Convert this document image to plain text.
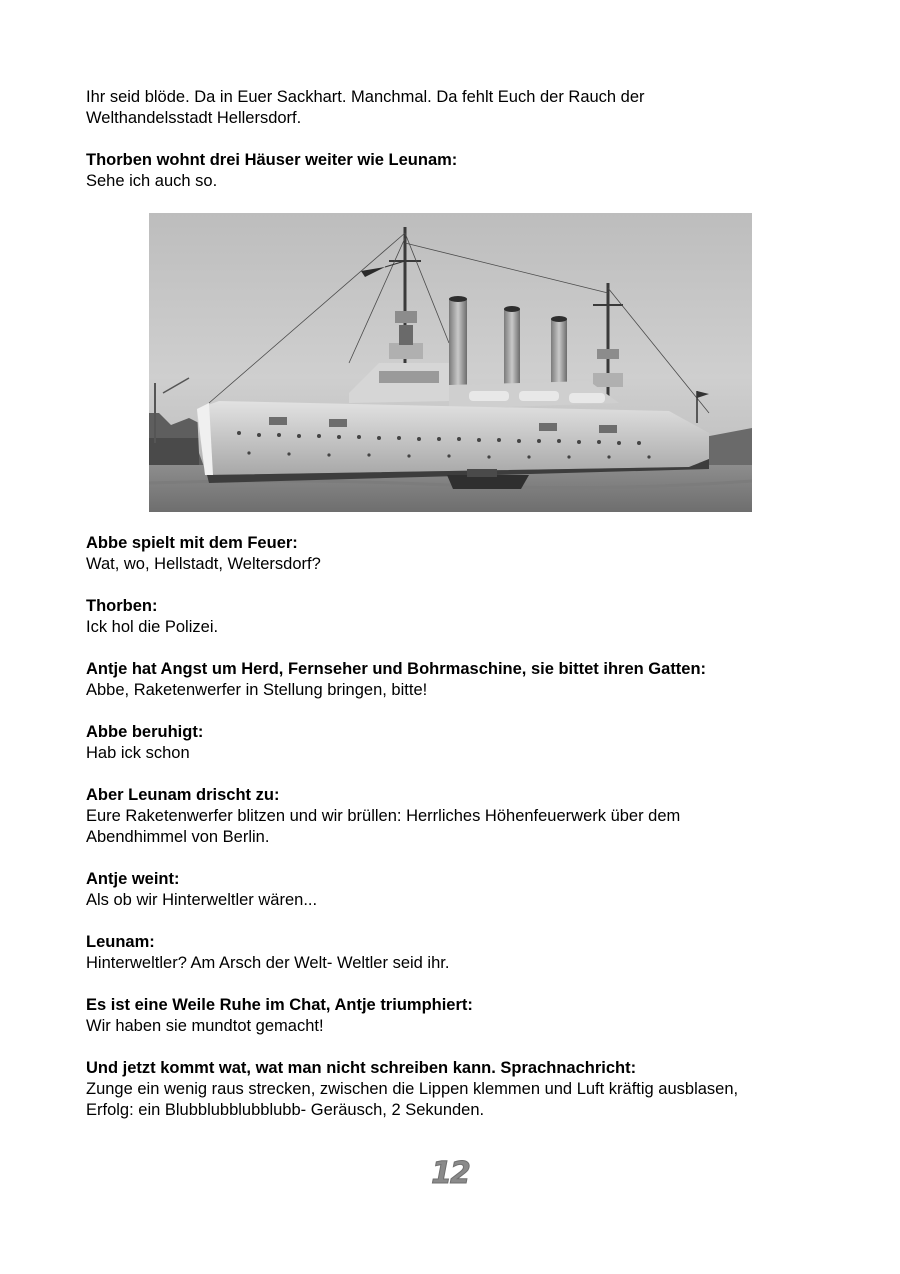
Ihr seid blöde. Da in Euer Sackhart. Manchmal. Da fehlt Euch der Rauch der
Welthandelsstadt Hellersdorf.

Thorben wohnt drei Häuser weiter wie Leunam:
Sehe ich auch so.

Abbe spielt mit dem Feuer:
Wat, wo, Hellstadt, Weltersdorf?

Thorben:
Ick hol die Polizei.

Antje hat Angst um Herd, Fernseher und Bohrmaschine, sie bittet ihren Gatten:
Abbe, Raketenwerfer in Stellung bringen, bitte!

Abbe beruhigt:
Hab ick schon

Aber Leunam drischt zu:
Eure Raketenwerfer blitzen und wir brüllen: Herrliches Höhenfeuerwerk über dem
Abendhimmel von Berlin.

Antje weint:
Als ob wir Hinterweltler wären...

Leunam:
Hinterweltler? Am Arsch der Welt- Weltler seid ihr.

Es ist eine Weile Ruhe im Chat, Antje triumphiert:
Wir haben sie mundtot gemacht!

Und jetzt kommt wat, wat man nicht schreiben kann. Sprachnachricht:
Zunge ein wenig raus strecken, zwischen die Lippen klemmen und Luft kräftig ausblasen,
Erfolg: ein Blubblubblubblubb- Geräusch, 2 Sekunden.

12
